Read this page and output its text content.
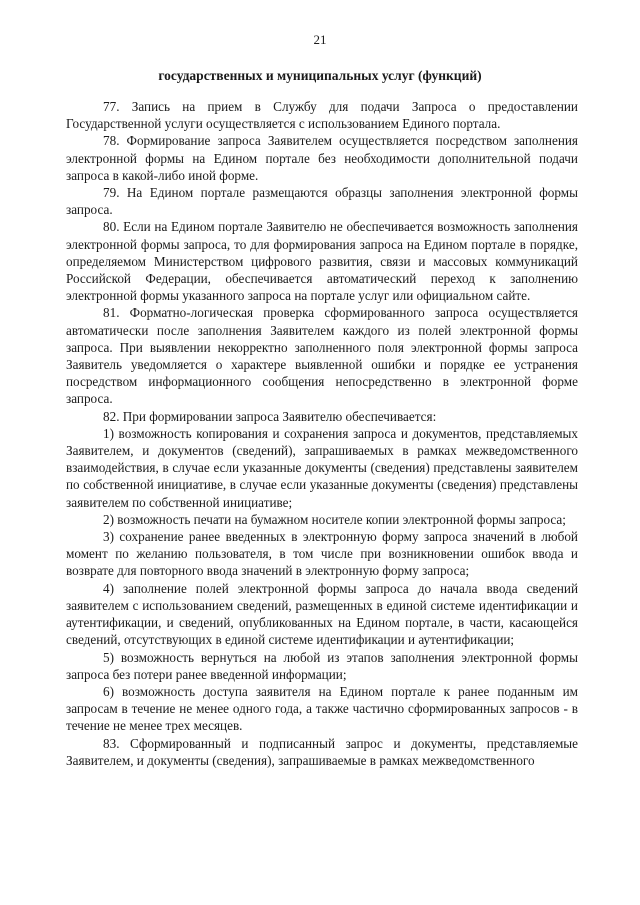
21
государственных и муниципальных услуг (функций)

77. Запись на прием в Службу для подачи Запроса о предоставлении Государственной услуги осуществляется с использованием Единого портала.

78. Формирование запроса Заявителем осуществляется посредством заполнения электронной формы на Едином портале без необходимости дополнительной подачи запроса в какой-либо иной форме.

79. На Едином портале размещаются образцы заполнения электронной формы запроса.

80. Если на Едином портале Заявителю не обеспечивается возможность заполнения электронной формы запроса, то для формирования запроса на Едином портале в порядке, определяемом Министерством цифрового развития, связи и массовых коммуникаций Российской Федерации, обеспечивается автоматический переход к заполнению электронной формы указанного запроса на портале услуг или официальном сайте.

81. Форматно-логическая проверка сформированного запроса осуществляется автоматически после заполнения Заявителем каждого из полей электронной формы запроса. При выявлении некорректно заполненного поля электронной формы запроса Заявитель уведомляется о характере выявленной ошибки и порядке ее устранения посредством информационного сообщения непосредственно в электронной форме запроса.

82. При формировании запроса Заявителю обеспечивается:

1) возможность копирования и сохранения запроса и документов, представляемых Заявителем, и документов (сведений), запрашиваемых в рамках межведомственного взаимодействия, в случае если указанные документы (сведения) представлены заявителем по собственной инициативе, в случае если указанные документы (сведения) представлены заявителем по собственной инициативе;

2) возможность печати на бумажном носителе копии электронной формы запроса;

3) сохранение ранее введенных в электронную форму запроса значений в любой момент по желанию пользователя, в том числе при возникновении ошибок ввода и возврате для повторного ввода значений в электронную форму запроса;

4) заполнение полей электронной формы запроса до начала ввода сведений заявителем с использованием сведений, размещенных в единой системе идентификации и аутентификации, и сведений, опубликованных на Едином портале, в части, касающейся сведений, отсутствующих в единой системе идентификации и аутентификации;

5) возможность вернуться на любой из этапов заполнения электронной формы запроса без потери ранее введенной информации;

6) возможность доступа заявителя на Едином портале к ранее поданным им запросам в течение не менее одного года, а также частично сформированных запросов - в течение не менее трех месяцев.

83. Сформированный и подписанный запрос и документы, представляемые Заявителем, и документы (сведения), запрашиваемые в рамках межведомственного
